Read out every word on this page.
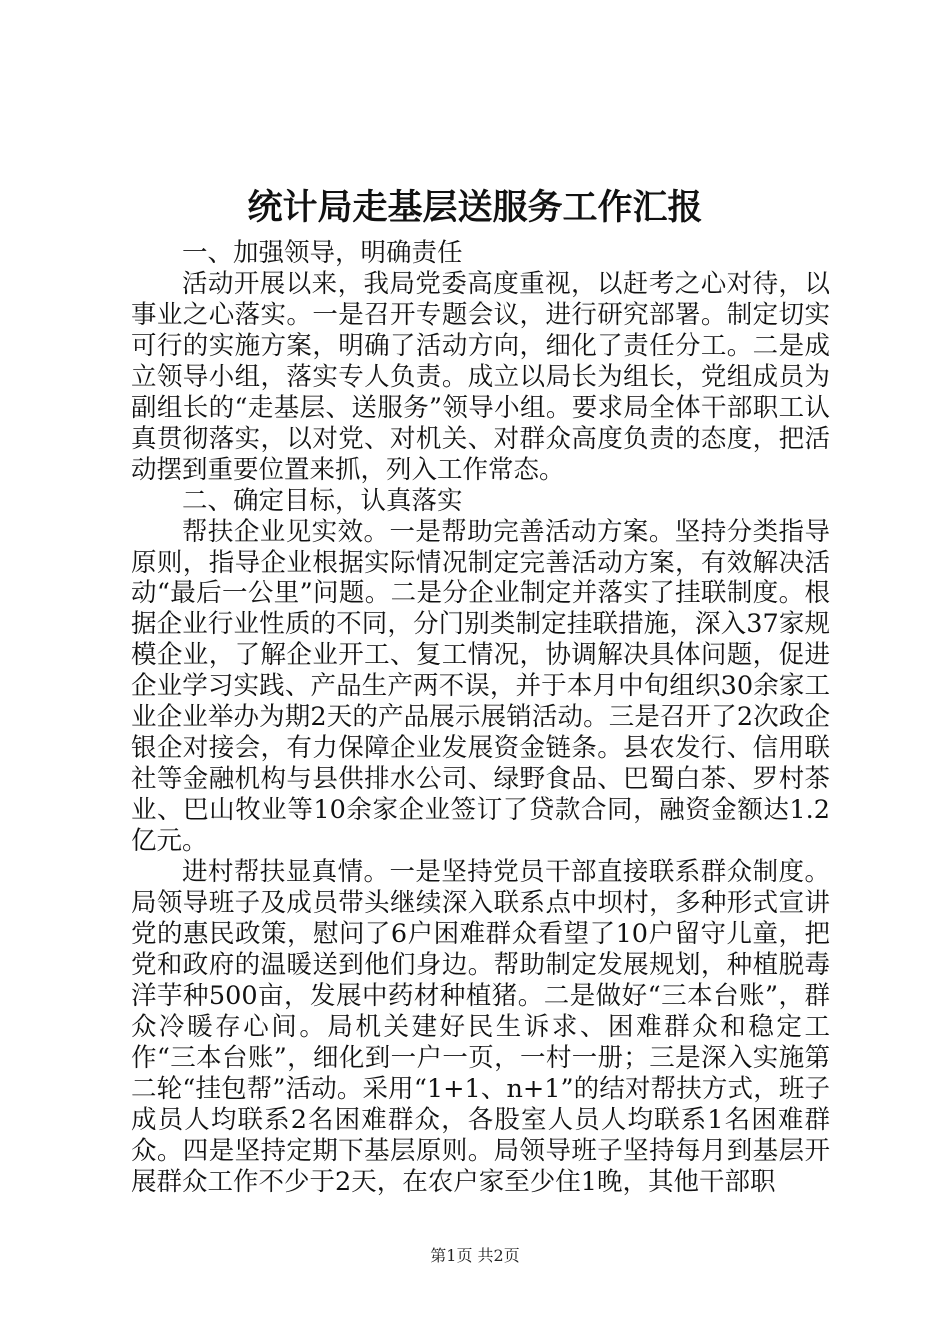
统计局走基层送服务工作汇报

一、加强领导，明确责任

活动开展以来，我局党委高度重视，以赶考之心对待，以事业之心落实。一是召开专题会议，进行研究部署。制定切实可行的实施方案，明确了活动方向，细化了责任分工。二是成立领导小组，落实专人负责。成立以局长为组长，党组成员为副组长的“走基层、送服务”领导小组。要求局全体干部职工认真贯彻落实，以对党、对机关、对群众高度负责的态度，把活动摆到重要位置来抓，列入工作常态。

二、确定目标，认真落实

帮扶企业见实效。一是帮助完善活动方案。坚持分类指导原则，指导企业根据实际情况制定完善活动方案，有效解决活动“最后一公里”问题。二是分企业制定并落实了挂联制度。根据企业行业性质的不同，分门别类制定挂联措施，深入37家规模企业，了解企业开工、复工情况，协调解决具体问题，促进企业学习实践、产品生产两不误，并于本月中旬组织30余家工业企业举办为期2天的产品展示展销活动。三是召开了2次政企银企对接会，有力保障企业发展资金链条。县农发行、信用联社等金融机构与县供排水公司、绿野食品、巴蜀白茶、罗村茶业、巴山牧业等10余家企业签订了贷款合同，融资金额达1.2亿元。

进村帮扶显真情。一是坚持党员干部直接联系群众制度。局领导班子及成员带头继续深入联系点中坝村，多种形式宣讲党的惠民政策，慰问了6户困难群众看望了10户留守儿童，把党和政府的温暖送到他们身边。帮助制定发展规划，种植脱毒洋芋种500亩，发展中药材种植猪。二是做好“三本台账”，群众冷暖存心间。局机关建好民生诉求、困难群众和稳定工作“三本台账”，细化到一户一页，一村一册；三是深入实施第二轮“挂包帮”活动。采用“1+1、n+1”的结对帮扶方式，班子成员人均联系2名困难群众，各股室人员人均联系1名困难群众。四是坚持定期下基层原则。局领导班子坚持每月到基层开展群众工作不少于2天，在农户家至少住1晚，其他干部职

第1页 共2页
